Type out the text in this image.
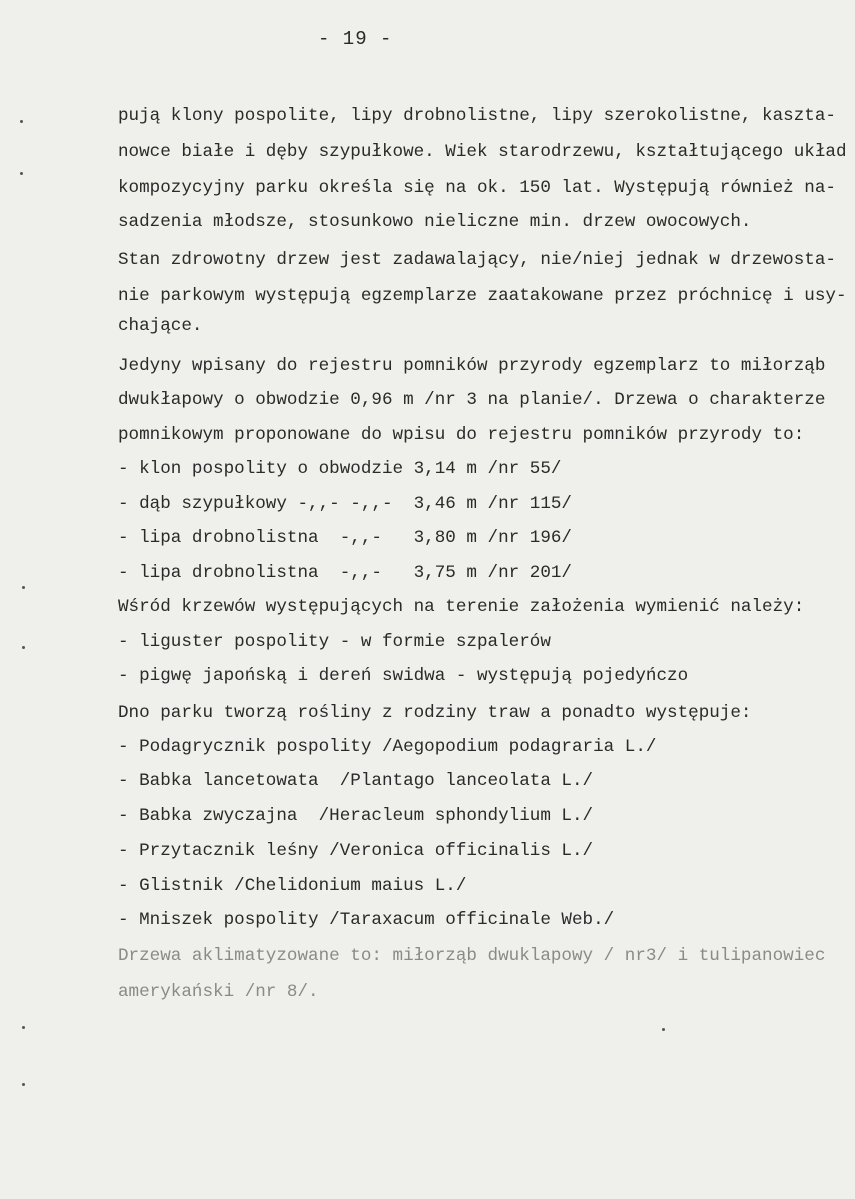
- 19 -
pują klony pospolite, lipy drobnolistne, lipy szerokolistne, kaszta-
nowce białe i dęby szypułkowe. Wiek starodrzewu, kształtującego układ
kompozycyjny parku określa się na ok. 150 lat. Występują również na-
sadzenia młodsze, stosunkowo nieliczne min. drzew owocowych.
Stan zdrowotny drzew jest zadawalający, nie/niej jednak w drzewosta-
nie parkowym występują egzemplarze zaatakowane przez próchnicę i usy-
chające.
Jedyny wpisany do rejestru pomników przyrody egzemplarz to miłorząb
dwukłapowy o obwodzie 0,96 m /nr 3 na planie/. Drzewa o charakterze
pomnikowym proponowane do wpisu do rejestru pomników przyrody to:
- klon pospolity o obwodzie 3,14 m /nr 55/
- dąb szypułkowy -,,- -,,-  3,46 m /nr 115/
- lipa drobnolistna  -,,-   3,80 m /nr 196/
- lipa drobnolistna  -,,-   3,75 m /nr 201/
Wśród krzewów występujących na terenie założenia wymienić należy:
- liguster pospolity - w formie szpalerów
- pigwę japońską i dereń swidwa - występują pojedyńczo
Dno parku tworzą rośliny z rodziny traw a ponadto występuje:
- Podagrycznik pospolity /Aegopodium podagraria L./
- Babka lancetowata  /Plantago lanceolata L./
- Babka zwyczajna  /Heracleum sphondylium L./
- Przytacznik leśny /Veronica officinalis L./
- Glistnik /Chelidonium maius L./
- Mniszek pospolity /Taraxacum officinale Web./
Drzewa aklimatyzowane to: miłorząb dwuklapowy / nr3/ i tulipanowiec
amerykański /nr 8/.
